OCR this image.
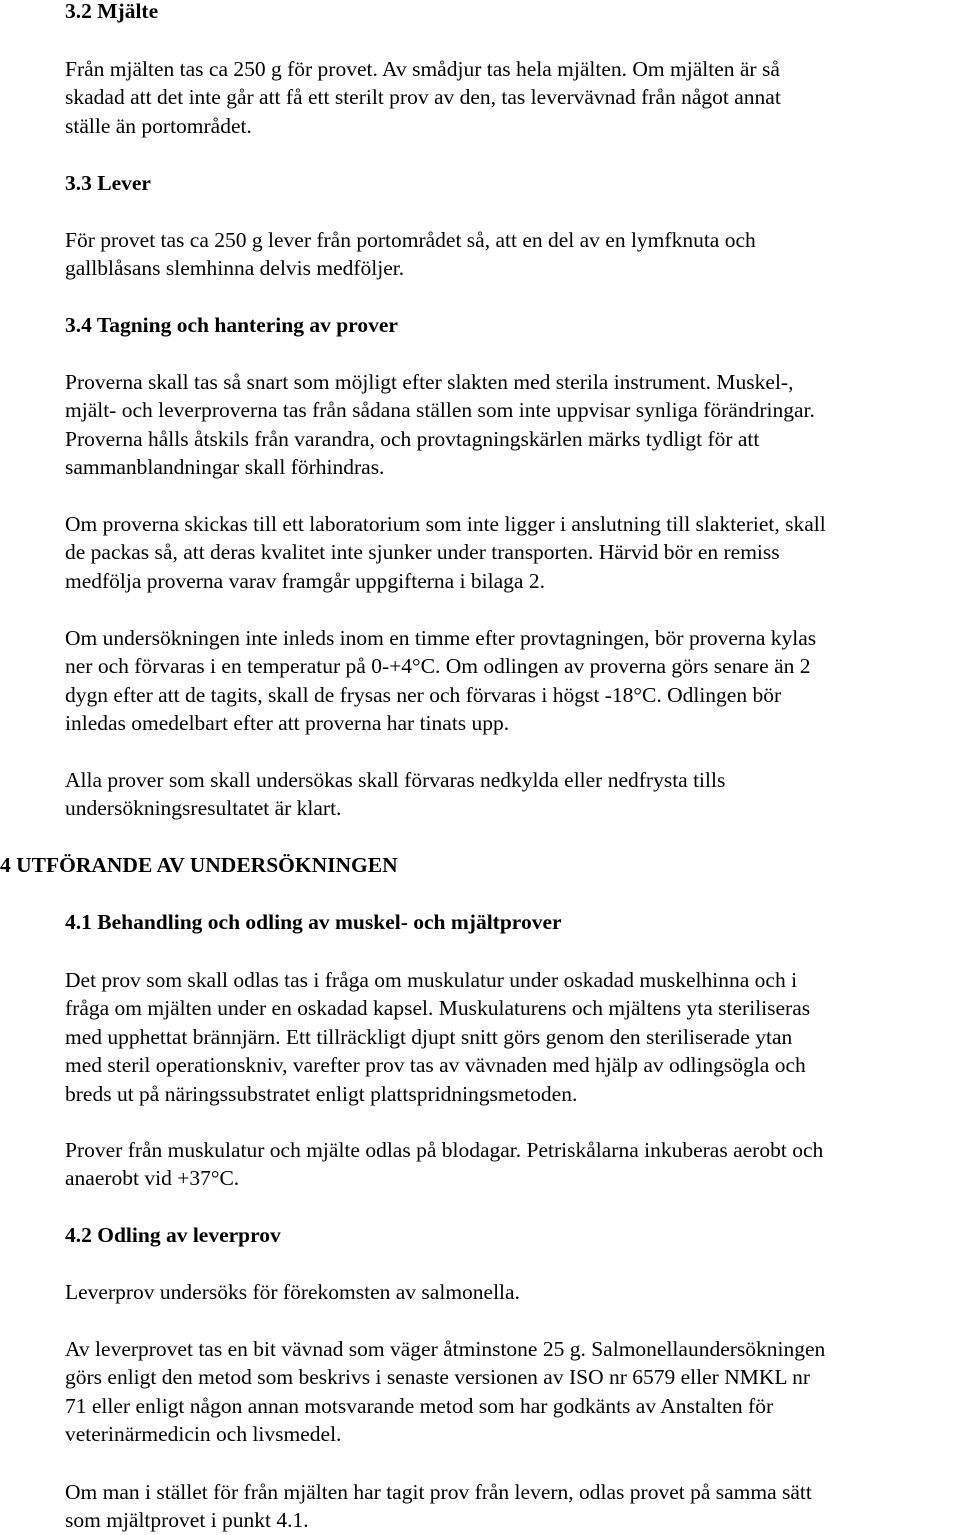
3.2 Mjälte
Från mjälten tas ca 250 g för provet. Av smådjur tas hela mjälten. Om mjälten är så
skadad att det inte går att få ett sterilt prov av den, tas levervävnad från något annat
ställe än portområdet.
3.3 Lever
För provet tas ca 250 g lever från portområdet så, att en del av en lymfknuta och
gallblåsans slemhinna delvis medföljer.
3.4 Tagning och hantering av prover
Proverna skall tas så snart som möjligt efter slakten med sterila instrument. Muskel-,
mjält- och leverproverna tas från sådana ställen som inte uppvisar synliga förändringar.
Proverna hålls åtskils från varandra, och provtagningskärlen märks tydligt för att
sammanblandningar skall förhindras.
Om proverna skickas till ett laboratorium som inte ligger i anslutning till slakteriet, skall
de packas så, att deras kvalitet inte sjunker under transporten. Härvid bör en remiss
medfölja proverna varav framgår uppgifterna i bilaga 2.
Om undersökningen inte inleds inom en timme efter provtagningen, bör proverna kylas
ner och förvaras i en temperatur på 0-+4°C. Om odlingen av proverna görs senare än 2
dygn efter att de tagits, skall de frysas ner och förvaras i högst -18°C. Odlingen bör
inledas omedelbart efter att proverna har tinats upp.
Alla prover som skall undersökas skall förvaras nedkylda eller nedfrysta tills
undersökningsresultatet är klart.
4 UTFÖRANDE AV UNDERSÖKNINGEN
4.1 Behandling och odling av muskel- och mjältprover
Det prov som skall odlas tas i fråga om muskulatur under oskadad muskelhinna och i
fråga om mjälten under en oskadad kapsel. Muskulaturens och mjältens yta steriliseras
med upphettat brännjärn. Ett tillräckligt djupt snitt görs genom den steriliserade ytan
med steril operationskniv, varefter prov tas av vävnaden med hjälp av odlingsögla och
breds ut på näringssubstratet enligt plattspridningsmetoden.
Prover från muskulatur och mjälte odlas på blodagar. Petriskålarna inkuberas aerobt och
anaerobt vid +37°C.
4.2 Odling av leverprov
Leverprov undersöks för förekomsten av salmonella.
Av leverprovet tas en bit vävnad som väger åtminstone 25 g. Salmonellaundersökningen
görs enligt den metod som beskrivs i senaste versionen av ISO nr 6579 eller NMKL nr
71 eller enligt någon annan motsvarande metod som har godkänts av Anstalten för
veterinärmedicin och livsmedel.
Om man i stället för från mjälten har tagit prov från levern, odlas provet på samma sätt
som mjältprovet i punkt 4.1.
